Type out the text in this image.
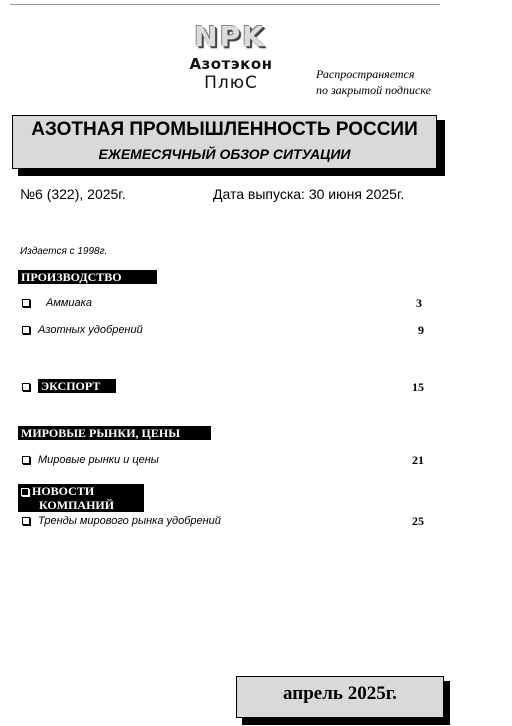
NPK
Азотэкон
ПлюС	Распространяется
по закрытой подписке
АЗОТНАЯ ПРОМЫШЛЕННОСТЬ РОССИИ
ЕЖЕМЕСЯЧНЫЙ ОБЗОР СИТУАЦИИ
№6 (322), 2025г.	Дата выпуска: 30 июня 2025г.
Издается с 1998г.
ПРОИЗВОДСТВО
Аммиака	3
Азотных удобрений	9
ЭКСПОРТ	15
МИРОВЫЕ РЫНКИ, ЦЕНЫ
Мировые рынки и цены	21
НОВОСТИ
КОМПАНИЙ
Тренды мирового рынка удобрений	25
апрель 2025г.
